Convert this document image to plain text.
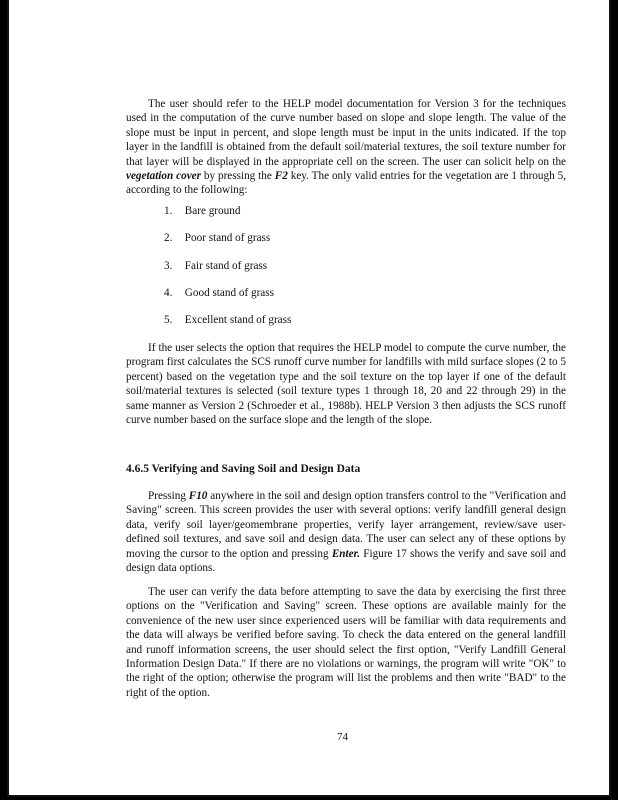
The user should refer to the HELP model documentation for Version 3 for the techniques used in the computation of the curve number based on slope and slope length. The value of the slope must be input in percent, and slope length must be input in the units indicated. If the top layer in the landfill is obtained from the default soil/material textures, the soil texture number for that layer will be displayed in the appropriate cell on the screen. The user can solicit help on the vegetation cover by pressing the F2 key. The only valid entries for the vegetation are 1 through 5, according to the following:

1. Bare ground
2. Poor stand of grass
3. Fair stand of grass
4. Good stand of grass
5. Excellent stand of grass

If the user selects the option that requires the HELP model to compute the curve number, the program first calculates the SCS runoff curve number for landfills with mild surface slopes (2 to 5 percent) based on the vegetation type and the soil texture on the top layer if one of the default soil/material textures is selected (soil texture types 1 through 18, 20 and 22 through 29) in the same manner as Version 2 (Schroeder et al., 1988b). HELP Version 3 then adjusts the SCS runoff curve number based on the surface slope and the length of the slope.

4.6.5 Verifying and Saving Soil and Design Data

Pressing F10 anywhere in the soil and design option transfers control to the "Verification and Saving" screen. This screen provides the user with several options: verify landfill general design data, verify soil layer/geomembrane properties, verify layer arrangement, review/save user-defined soil textures, and save soil and design data. The user can select any of these options by moving the cursor to the option and pressing Enter. Figure 17 shows the verify and save soil and design data options.

The user can verify the data before attempting to save the data by exercising the first three options on the "Verification and Saving" screen. These options are available mainly for the convenience of the new user since experienced users will be familiar with data requirements and the data will always be verified before saving. To check the data entered on the general landfill and runoff information screens, the user should select the first option, "Verify Landfill General Information Design Data." If there are no violations or warnings, the program will write "OK" to the right of the option; otherwise the program will list the problems and then write "BAD" to the right of the option.

74
